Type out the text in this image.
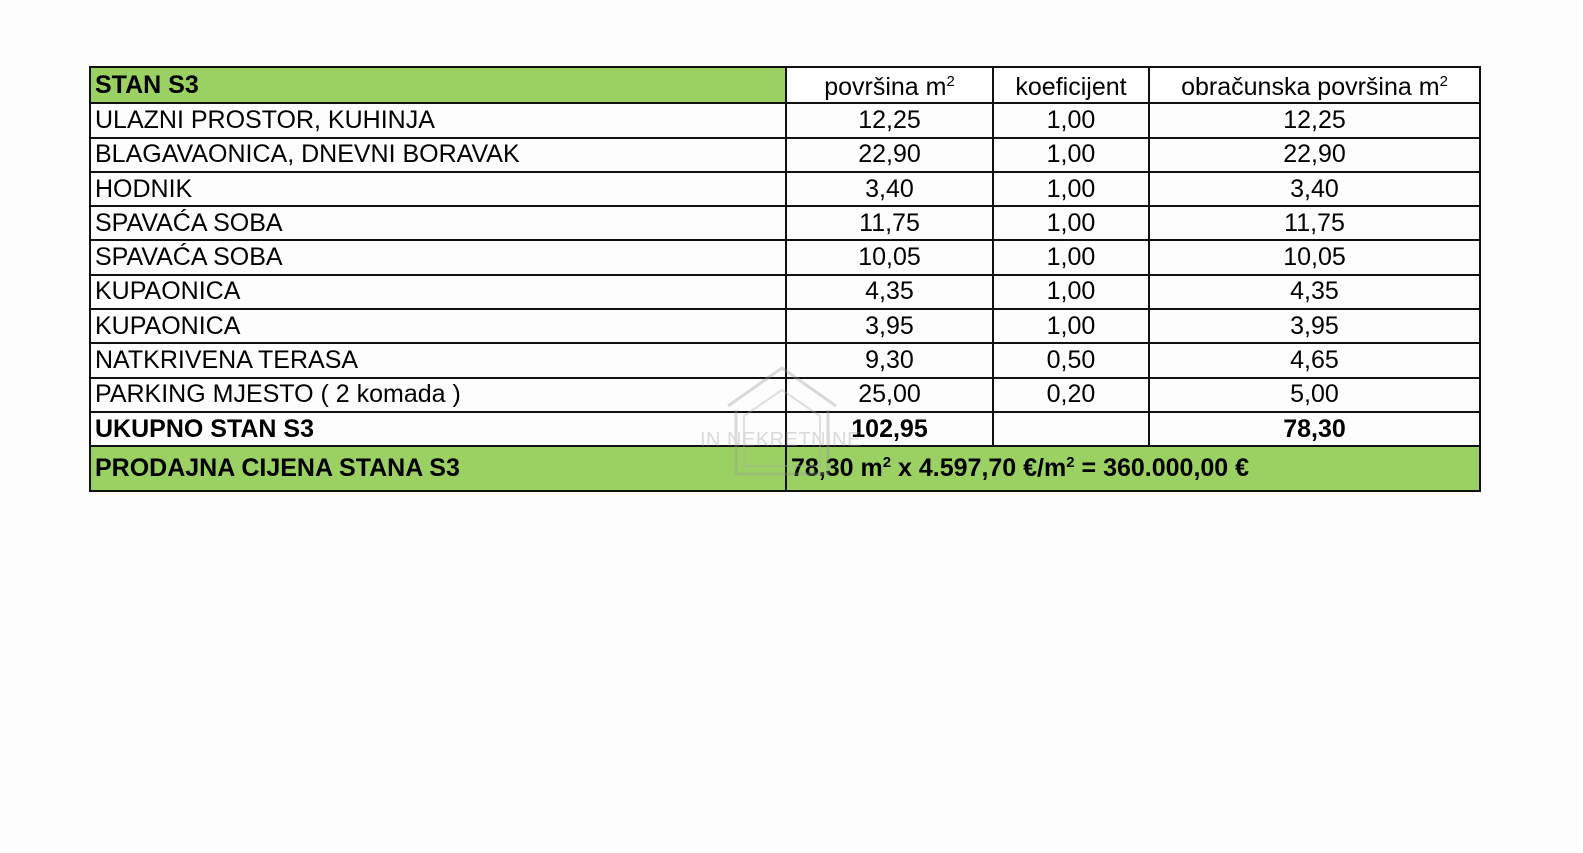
STAN S3	površina $m^2$	koeficijent	obračunska površina $m^2$
ULAZNI PROSTOR, KUHINJA	12,25	1,00	12,25
BLAGAVAONICA, DNEVNI BORAVAK	22,90	1,00	22,90
HODNIK	3,40	1,00	3,40
SPAVAĆA SOBA	11,75	1,00	11,75
SPAVAĆA SOBA	10,05	1,00	10,05
KUPAONICA	4,35	1,00	4,35
KUPAONICA	3,95	1,00	3,95
NATKRIVENA TERASA	9,30	0,50	4,65
PARKING MJESTO ( 2 komada )	25,00	0,20	5,00
UKUPNO STAN S3	102,95		78,30
PRODAJNA CIJENA STANA S3	78,30 $m^2$ x 4.597,70 $€/m^2 = 360.000,00$ €		
IN NEKRETNINE
